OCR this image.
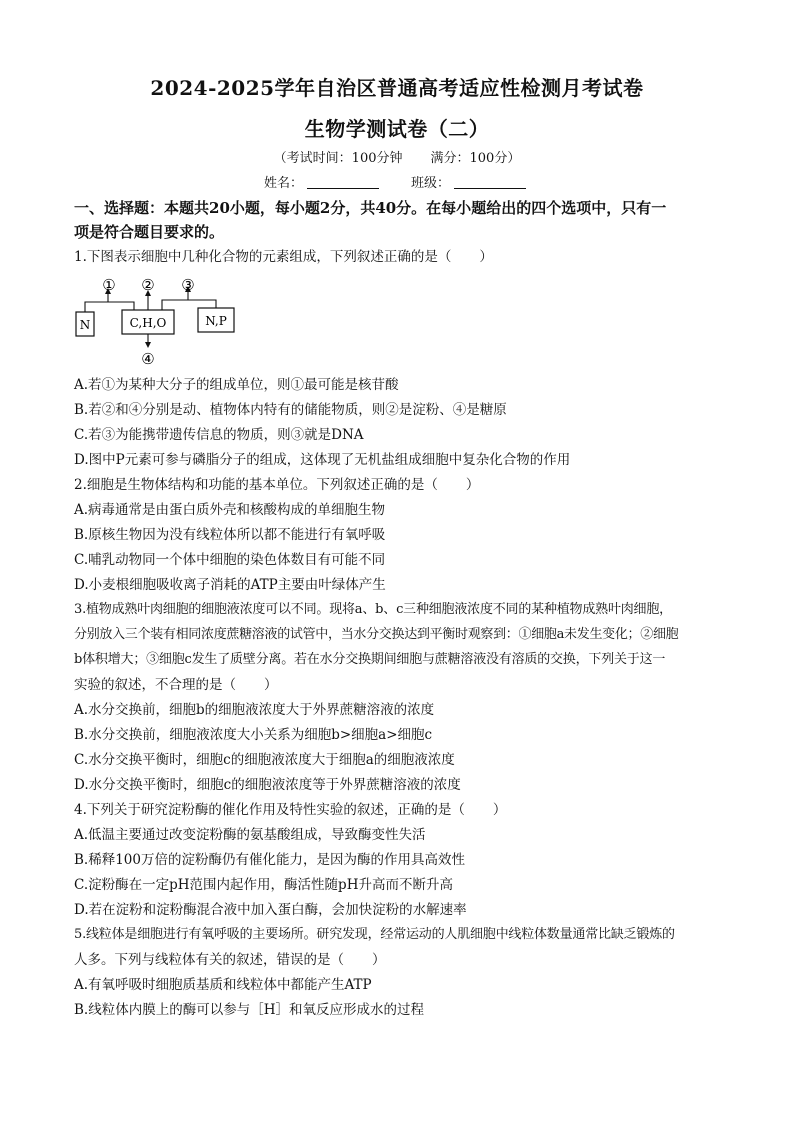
2024-2025学年自治区普通高考适应性检测月考试卷
生物学测试卷（二）
（考试时间：100分钟 满分：100分）
姓名：	班级：
一、选择题：本题共20小题，每小题2分，共40分。在每小题给出的四个选项中，只有一
项是符合题目要求的。
1.下图表示细胞中几种化合物的元素组成，下列叙述正确的是（ ）
N	C,H,O	N,P
① ② ③
④
A.若①为某种大分子的组成单位，则①最可能是核苷酸
B.若②和④分别是动、植物体内特有的储能物质，则②是淀粉、④是糖原
C.若③为能携带遗传信息的物质，则③就是DNA
D.图中P元素可参与磷脂分子的组成，这体现了无机盐组成细胞中复杂化合物的作用
2.细胞是生物体结构和功能的基本单位。下列叙述正确的是（ ）
A.病毒通常是由蛋白质外壳和核酸构成的单细胞生物
B.原核生物因为没有线粒体所以都不能进行有氧呼吸
C.哺乳动物同一个体中细胞的染色体数目有可能不同
D.小麦根细胞吸收离子消耗的ATP主要由叶绿体产生
3.植物成熟叶肉细胞的细胞液浓度可以不同。现将a、b、c三种细胞液浓度不同的某种植物成熟叶肉细胞，
分别放入三个装有相同浓度蔗糖溶液的试管中，当水分交换达到平衡时观察到：①细胞a未发生变化；②细胞
b体积增大；③细胞c发生了质壁分离。若在水分交换期间细胞与蔗糖溶液没有溶质的交换，下列关于这一
实验的叙述，不合理的是（ ）
A.水分交换前，细胞b的细胞液浓度大于外界蔗糖溶液的浓度
B.水分交换前，细胞液浓度大小关系为细胞b>细胞a>细胞c
C.水分交换平衡时，细胞c的细胞液浓度大于细胞a的细胞液浓度
D.水分交换平衡时，细胞c的细胞液浓度等于外界蔗糖溶液的浓度
4.下列关于研究淀粉酶的催化作用及特性实验的叙述，正确的是（ ）
A.低温主要通过改变淀粉酶的氨基酸组成，导致酶变性失活
B.稀释100万倍的淀粉酶仍有催化能力，是因为酶的作用具高效性
C.淀粉酶在一定pH范围内起作用，酶活性随pH升高而不断升高
D.若在淀粉和淀粉酶混合液中加入蛋白酶，会加快淀粉的水解速率
5.线粒体是细胞进行有氧呼吸的主要场所。研究发现，经常运动的人肌细胞中线粒体数量通常比缺乏锻炼的
人多。下列与线粒体有关的叙述，错误的是（ ）
A.有氧呼吸时细胞质基质和线粒体中都能产生ATP
B.线粒体内膜上的酶可以参与［H］和氧反应形成水的过程
